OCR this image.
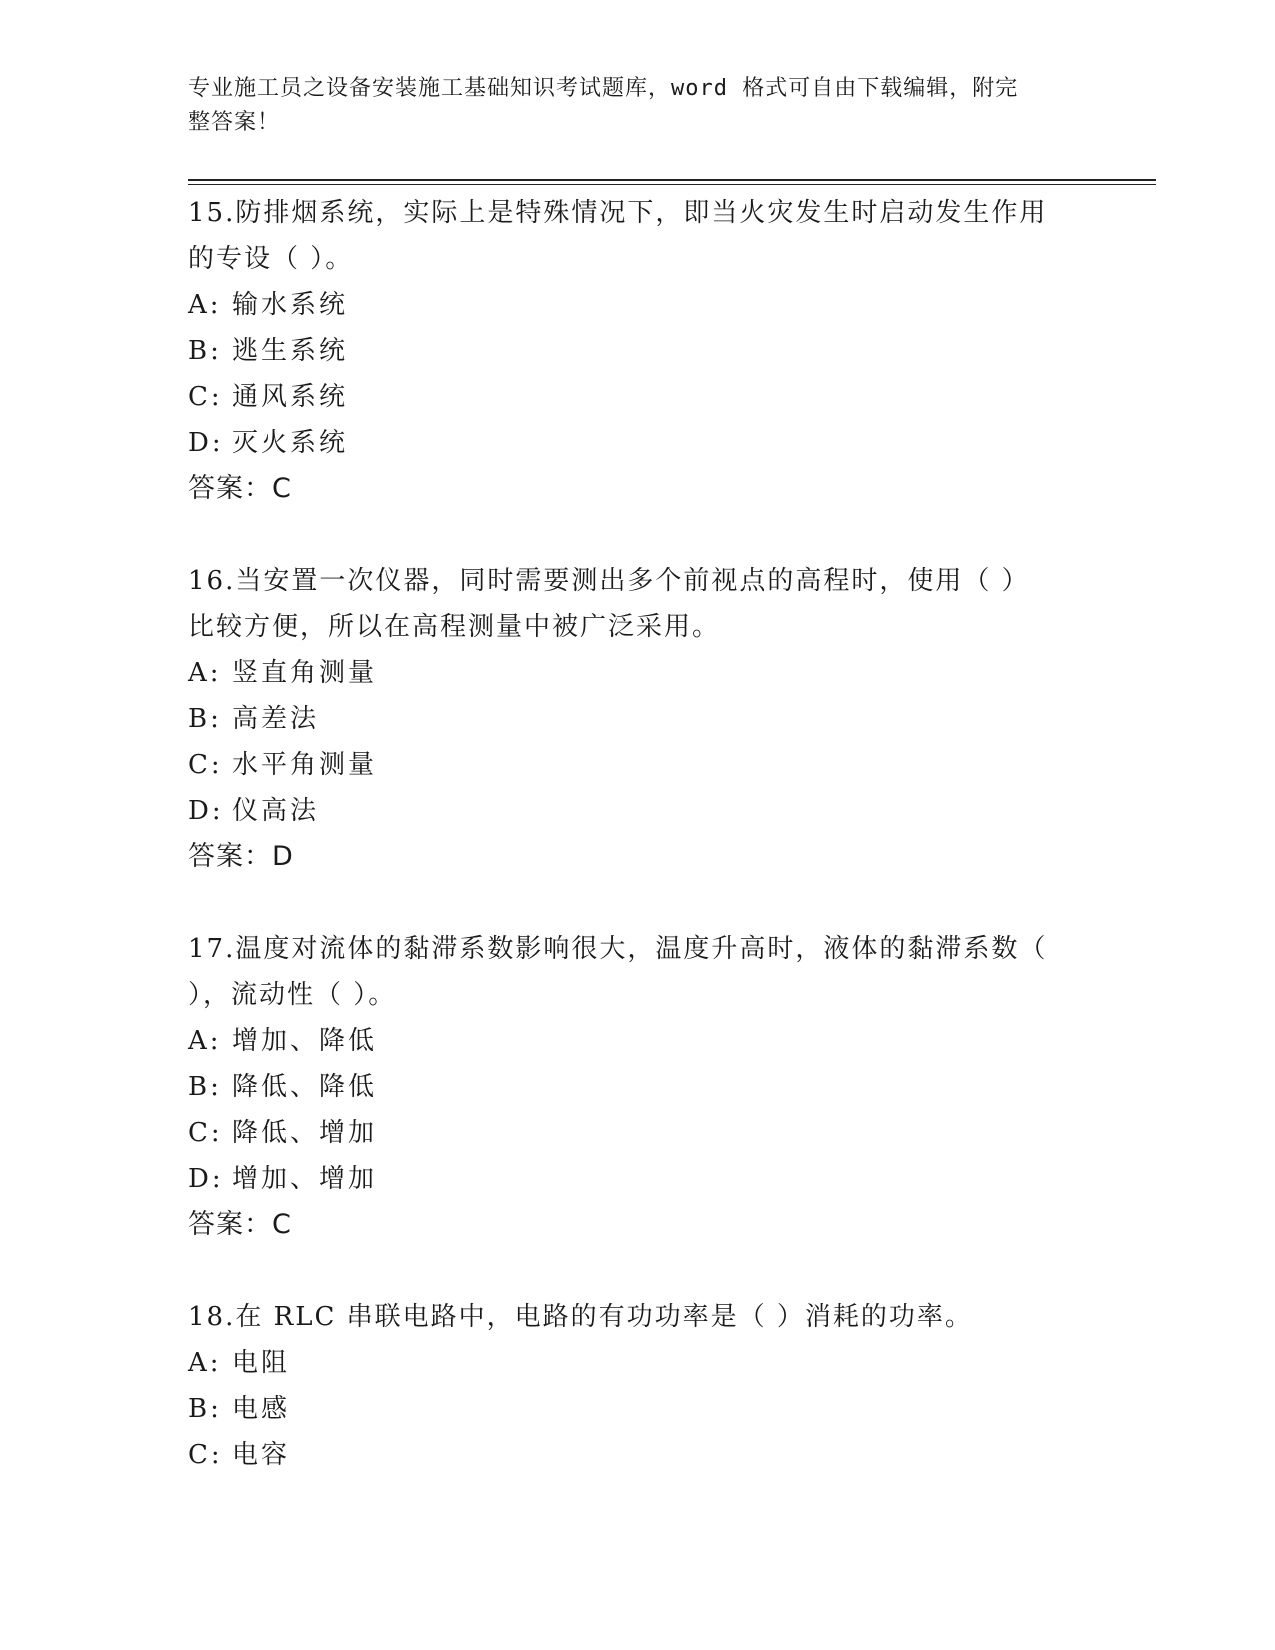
专业施工员之设备安装施工基础知识考试题库，word 格式可自由下载编辑，附完
整答案！

15.防排烟系统，实际上是特殊情况下，即当火灾发生时启动发生作用

的专设（ ）。

A: 输水系统

B: 逃生系统

C: 通风系统

D: 灭火系统

答案：C

16.当安置一次仪器，同时需要测出多个前视点的高程时，使用（ ）

比较方便，所以在高程测量中被广泛采用。

A: 竖直角测量

B: 高差法

C: 水平角测量

D: 仪高法

答案：D

17.温度对流体的黏滞系数影响很大，温度升高时，液体的黏滞系数（

），流动性（ ）。

A: 增加、降低

B: 降低、降低

C: 降低、增加

D: 增加、增加

答案：C

18.在 RLC 串联电路中，电路的有功功率是（ ）消耗的功率。

A: 电阻

B: 电感

C: 电容
